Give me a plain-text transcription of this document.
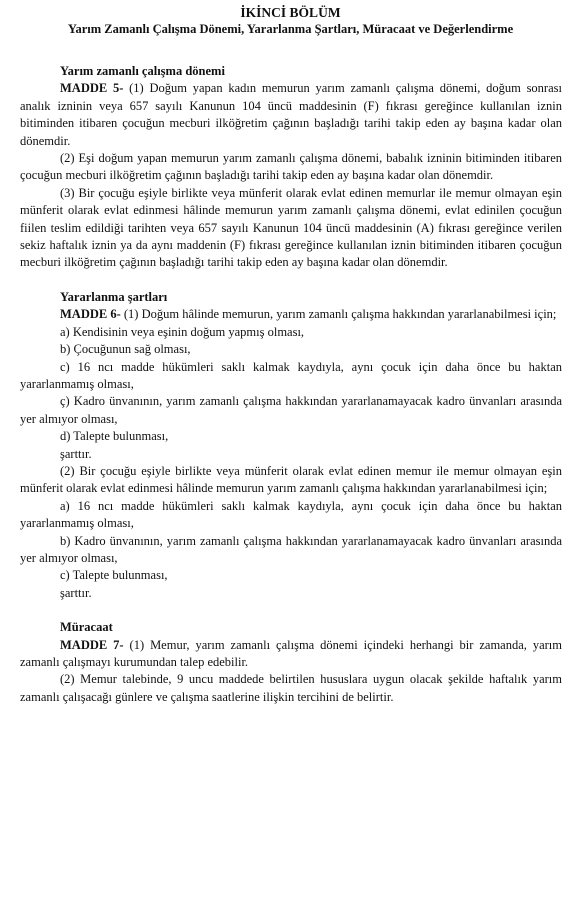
İKİNCİ BÖLÜM
Yarım Zamanlı Çalışma Dönemi, Yararlanma Şartları, Müracaat ve Değerlendirme
Yarım zamanlı çalışma dönemi

MADDE 5- (1) Doğum yapan kadın memurun yarım zamanlı çalışma dönemi, doğum sonrası analık izninin veya 657 sayılı Kanunun 104 üncü maddesinin (F) fıkrası gereğince kullanılan iznin bitiminden itibaren çocuğun mecburi ilköğretim çağının başladığı tarihi takip eden ay başına kadar olan dönemdir.

(2) Eşi doğum yapan memurun yarım zamanlı çalışma dönemi, babalık izninin bitiminden itibaren çocuğun mecburi ilköğretim çağının başladığı tarihi takip eden ay başına kadar olan dönemdir.

(3) Bir çocuğu eşiyle birlikte veya münferit olarak evlat edinen memurlar ile memur olmayan eşin münferit olarak evlat edinmesi hâlinde memurun yarım zamanlı çalışma dönemi, evlat edinilen çocuğun fiilen teslim edildiği tarihten veya 657 sayılı Kanunun 104 üncü maddesinin (A) fıkrası gereğince verilen sekiz haftalık iznin ya da aynı maddenin (F) fıkrası gereğince kullanılan iznin bitiminden itibaren çocuğun mecburi ilköğretim çağının başladığı tarihi takip eden ay başına kadar olan dönemdir.

Yararlanma şartları

MADDE 6- (1) Doğum hâlinde memurun, yarım zamanlı çalışma hakkından yararlanabilmesi için;

a) Kendisinin veya eşinin doğum yapmış olması,

b) Çocuğunun sağ olması,

c) 16 ncı madde hükümleri saklı kalmak kaydıyla, aynı çocuk için daha önce bu haktan yararlanmamış olması,

ç) Kadro ünvanının, yarım zamanlı çalışma hakkından yararlanamayacak kadro ünvanları arasında yer almıyor olması,

d) Talepte bulunması,

şarttır.

(2) Bir çocuğu eşiyle birlikte veya münferit olarak evlat edinen memur ile memur olmayan eşin münferit olarak evlat edinmesi hâlinde memurun yarım zamanlı çalışma hakkından yararlanabilmesi için;

a) 16 ncı madde hükümleri saklı kalmak kaydıyla, aynı çocuk için daha önce bu haktan yararlanmamış olması,

b) Kadro ünvanının, yarım zamanlı çalışma hakkından yararlanamayacak kadro ünvanları arasında yer almıyor olması,

c) Talepte bulunması,

şarttır.

Müracaat

MADDE 7- (1) Memur, yarım zamanlı çalışma dönemi içindeki herhangi bir zamanda, yarım zamanlı çalışmayı kurumundan talep edebilir.

(2) Memur talebinde, 9 uncu maddede belirtilen hususlara uygun olacak şekilde haftalık yarım zamanlı çalışacağı günlere ve çalışma saatlerine ilişkin tercihini de belirtir.
